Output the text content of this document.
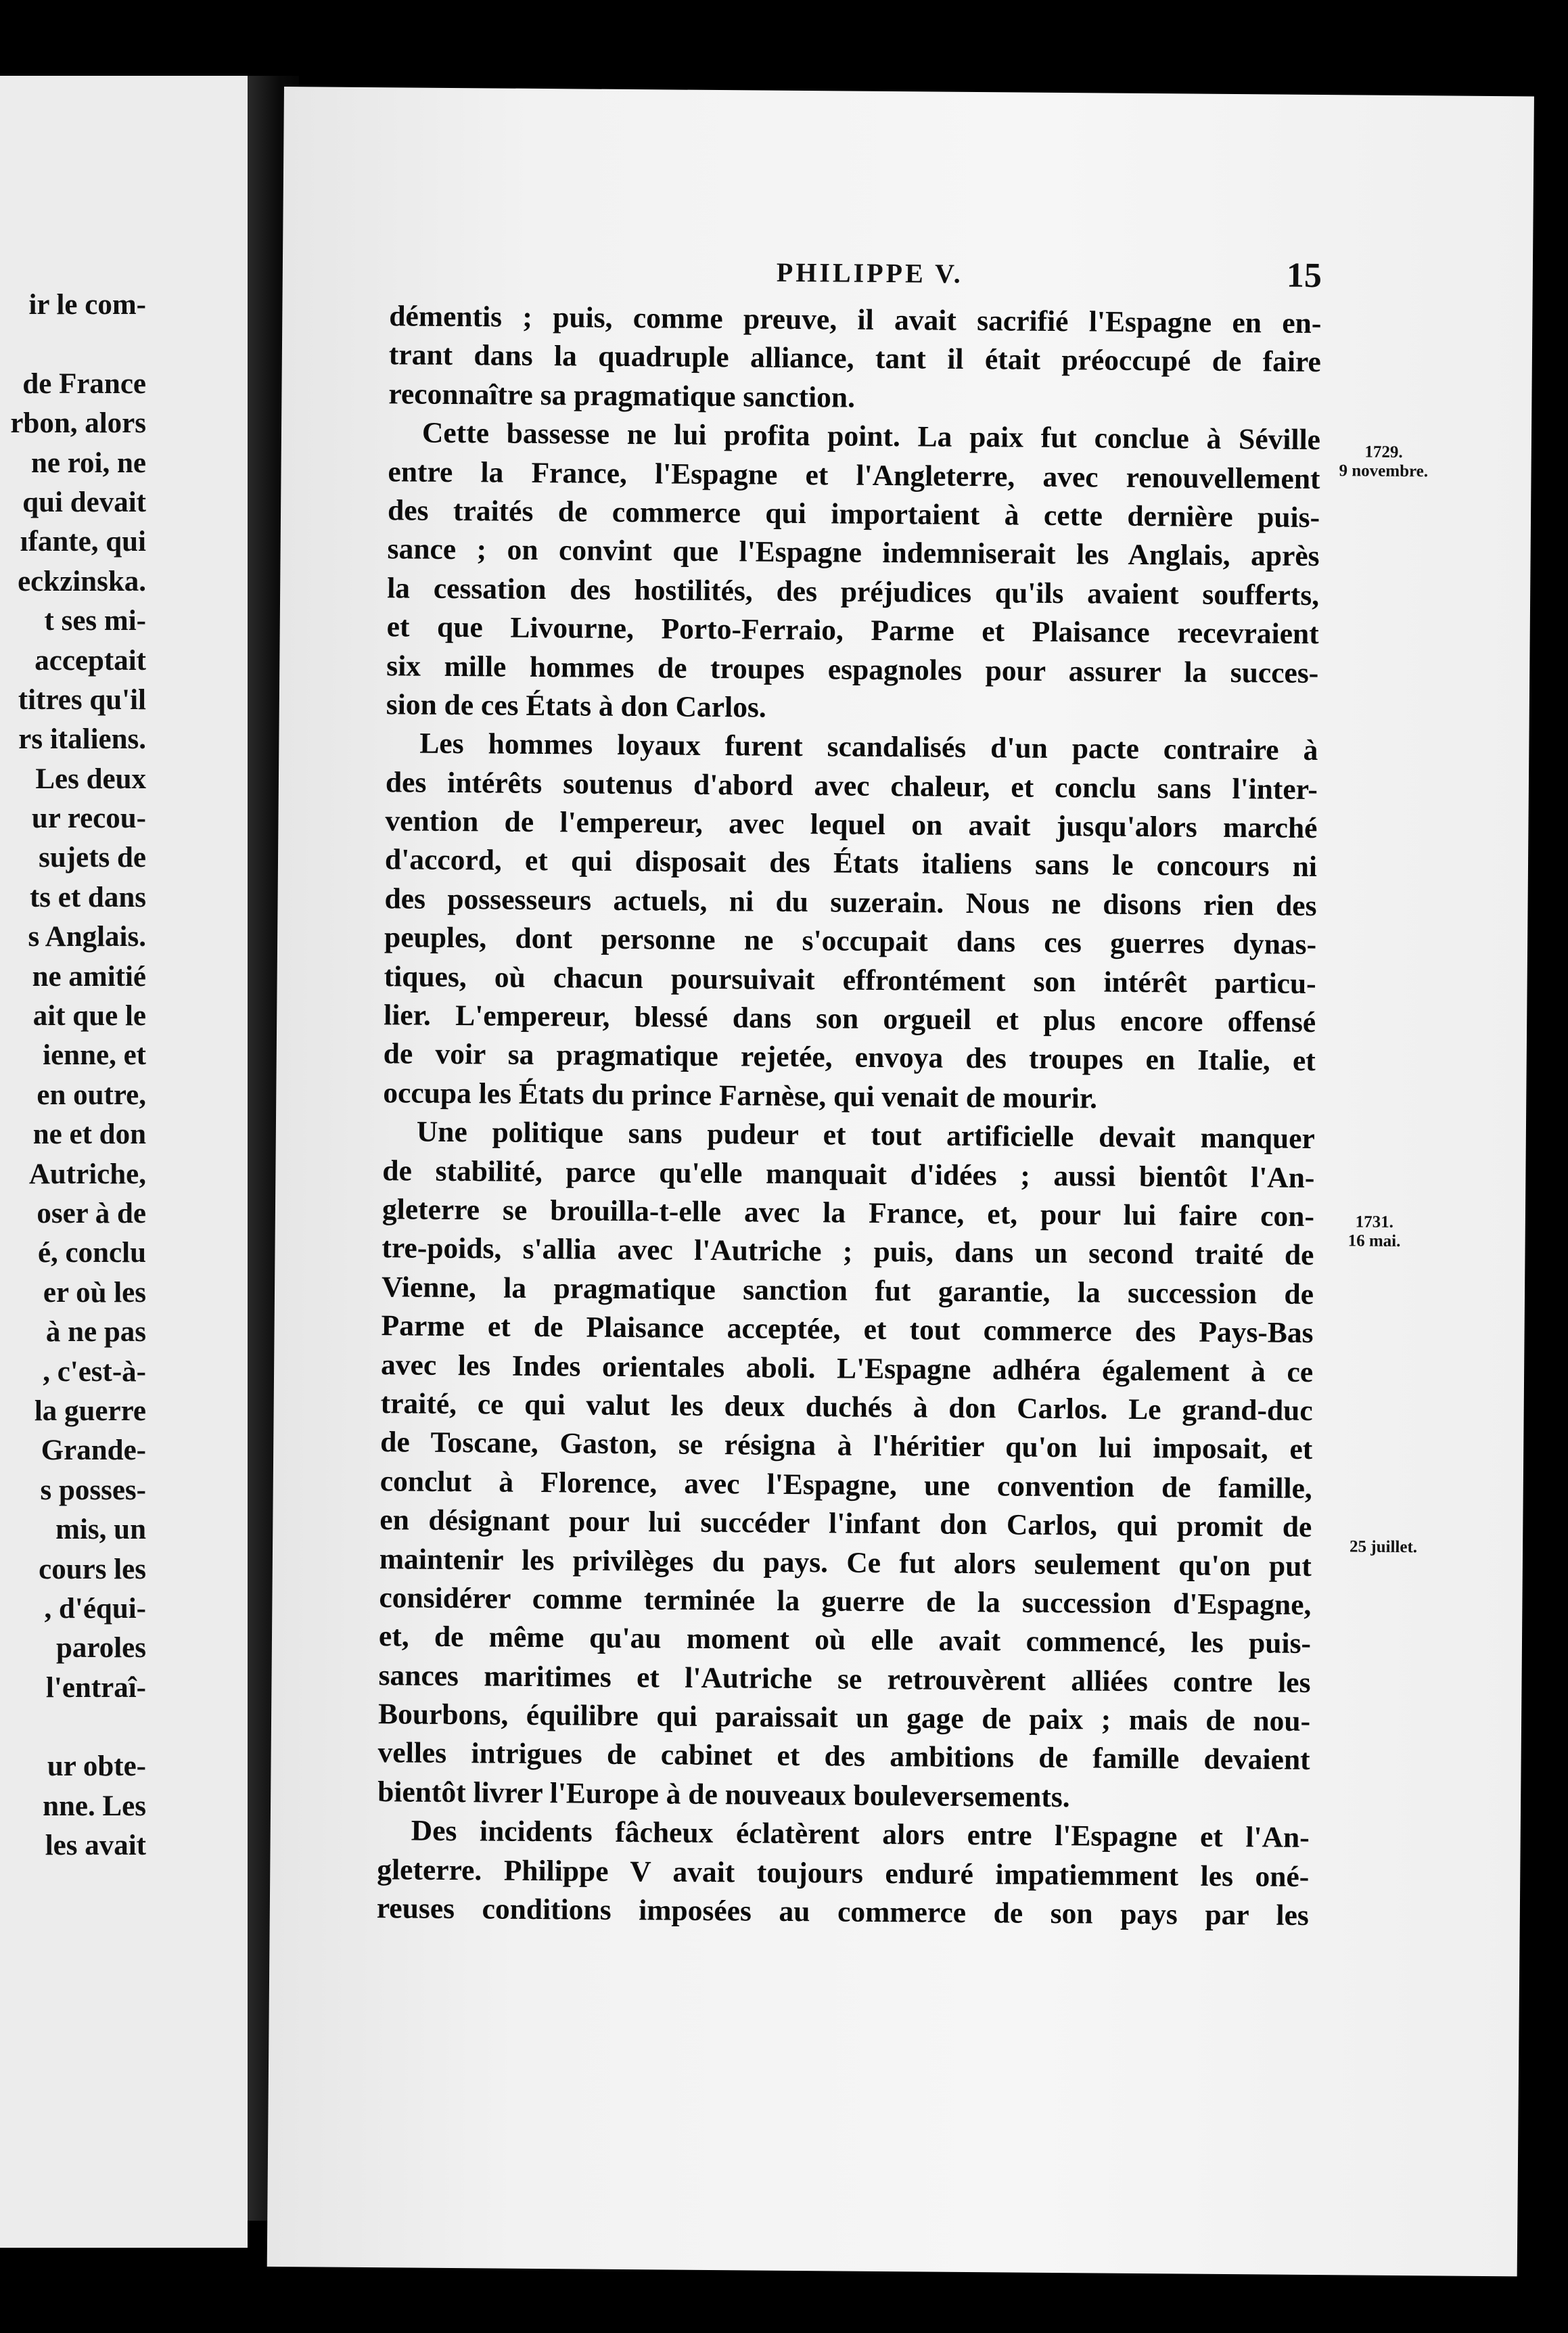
ir le com-
de France
rbon, alors
ne roi, ne
qui devait
ıfante, qui
eckzinska.
t ses mi-
acceptait
titres qu'il
rs italiens.
Les deux
ur recou-
sujets de
ts et dans
s Anglais.
ne amitié
ait que le
ienne, et
en outre,
ne et don
Autriche,
oser à de
é, conclu
er où les
à ne pas
, c'est-à-
la guerre
Grande-
s posses-
mis, un
cours les
, d'équi-
paroles
l'entraî-
ur obte-
nne. Les
les avait
PHILIPPE V.	15
1729.
9 novembre.
1731.
16 mai.
25 juillet.
démentis ; puis, comme preuve, il avait sacrifié l'Espagne en en-
trant dans la quadruple alliance, tant il était préoccupé de faire
reconnaître sa pragmatique sanction.
Cette bassesse ne lui profita point. La paix fut conclue à Séville
entre la France, l'Espagne et l'Angleterre, avec renouvellement
des traités de commerce qui importaient à cette dernière puis-
sance ; on convint que l'Espagne indemniserait les Anglais, après
la cessation des hostilités, des préjudices qu'ils avaient soufferts,
et que Livourne, Porto-Ferraio, Parme et Plaisance recevraient
six mille hommes de troupes espagnoles pour assurer la succes-
sion de ces États à don Carlos.
Les hommes loyaux furent scandalisés d'un pacte contraire à
des intérêts soutenus d'abord avec chaleur, et conclu sans l'inter-
vention de l'empereur, avec lequel on avait jusqu'alors marché
d'accord, et qui disposait des États italiens sans le concours ni
des possesseurs actuels, ni du suzerain. Nous ne disons rien des
peuples, dont personne ne s'occupait dans ces guerres dynas-
tiques, où chacun poursuivait effrontément son intérêt particu-
lier. L'empereur, blessé dans son orgueil et plus encore offensé
de voir sa pragmatique rejetée, envoya des troupes en Italie, et
occupa les États du prince Farnèse, qui venait de mourir.
Une politique sans pudeur et tout artificielle devait manquer
de stabilité, parce qu'elle manquait d'idées ; aussi bientôt l'An-
gleterre se brouilla-t-elle avec la France, et, pour lui faire con-
tre-poids, s'allia avec l'Autriche ; puis, dans un second traité de
Vienne, la pragmatique sanction fut garantie, la succession de
Parme et de Plaisance acceptée, et tout commerce des Pays-Bas
avec les Indes orientales aboli. L'Espagne adhéra également à ce
traité, ce qui valut les deux duchés à don Carlos. Le grand-duc
de Toscane, Gaston, se résigna à l'héritier qu'on lui imposait, et
conclut à Florence, avec l'Espagne, une convention de famille,
en désignant pour lui succéder l'infant don Carlos, qui promit de
maintenir les privilèges du pays. Ce fut alors seulement qu'on put
considérer comme terminée la guerre de la succession d'Espagne,
et, de même qu'au moment où elle avait commencé, les puis-
sances maritimes et l'Autriche se retrouvèrent alliées contre les
Bourbons, équilibre qui paraissait un gage de paix ; mais de nou-
velles intrigues de cabinet et des ambitions de famille devaient
bientôt livrer l'Europe à de nouveaux bouleversements.
Des incidents fâcheux éclatèrent alors entre l'Espagne et l'An-
gleterre. Philippe V avait toujours enduré impatiemment les oné-
reuses conditions imposées au commerce de son pays par les
